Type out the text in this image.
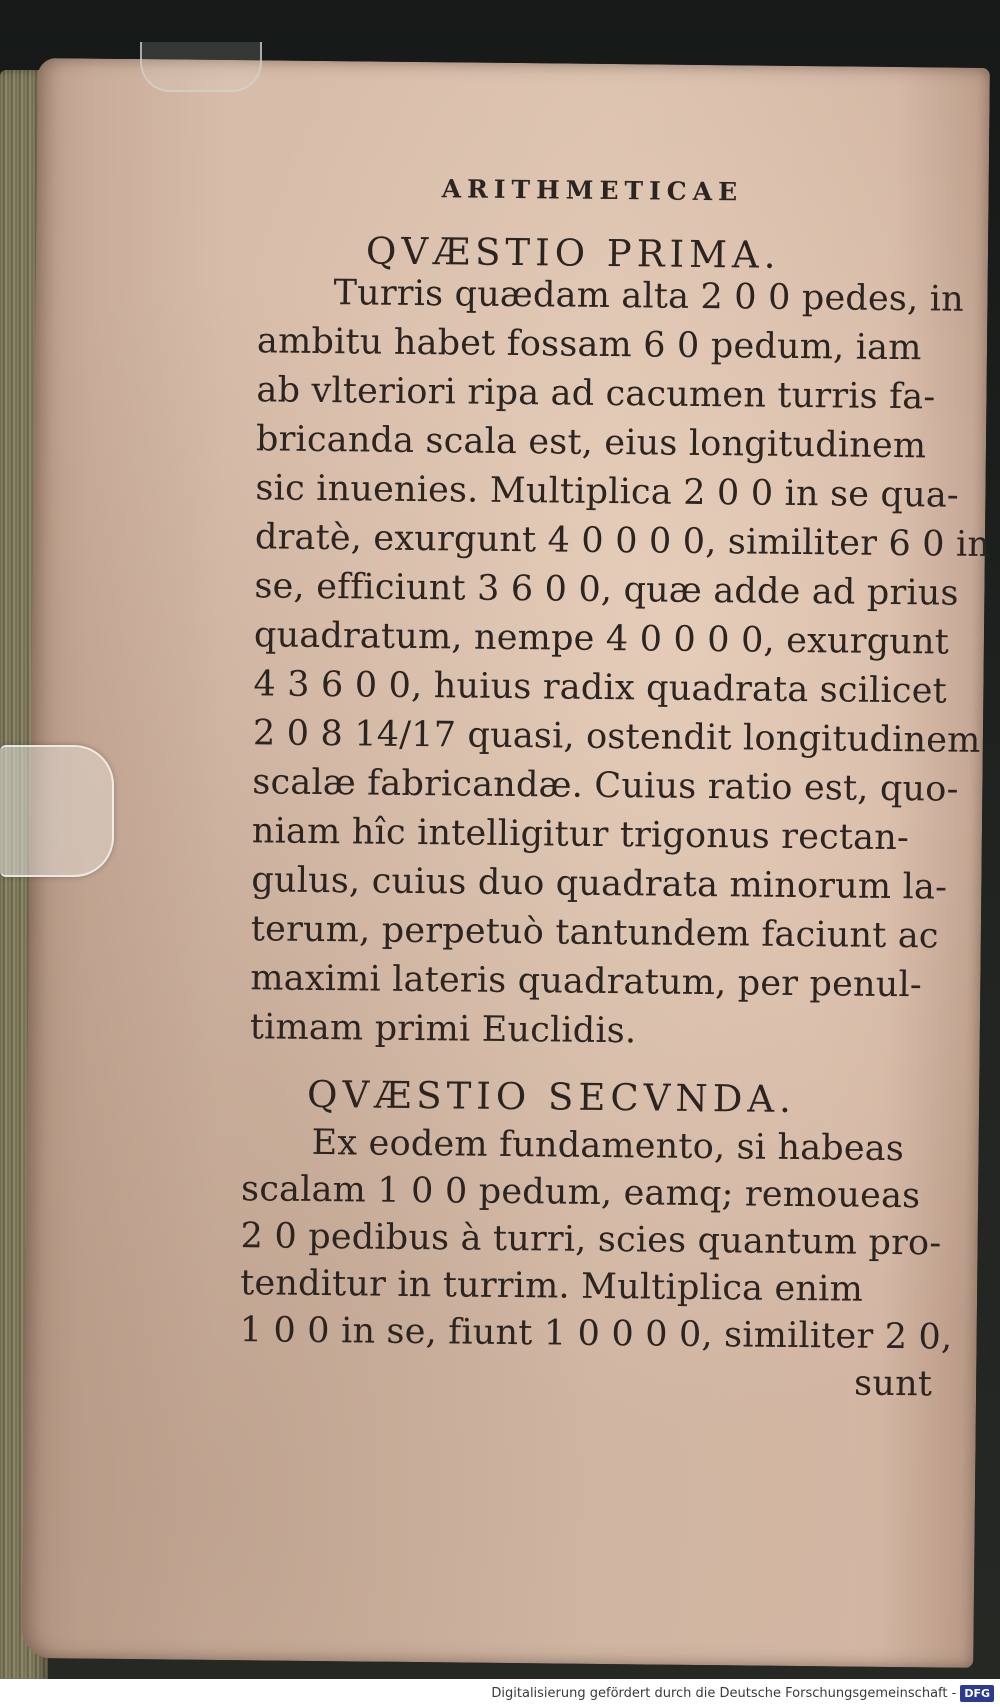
ARITHMETICAE
QVÆSTIO PRIMA.
Turris quædam alta 2 0 0 pedes, in
ambitu habet fossam 6 0 pedum, iam
ab vlteriori ripa ad cacumen turris fa-
bricanda scala est, eius longitudinem
sic inuenies. Multiplica 2 0 0 in se qua-
dratè, exurgunt 4 0 0 0 0, similiter 6 0 in
se, efficiunt 3 6 0 0, quæ adde ad prius
quadratum, nempe 4 0 0 0 0, exurgunt
4 3 6 0 0, huius radix quadrata scilicet
2 0 8 14/17 quasi, ostendit longitudinem
scalæ fabricandæ. Cuius ratio est, quo-
niam hîc intelligitur trigonus rectan-
gulus, cuius duo quadrata minorum la-
terum, perpetuò tantundem faciunt ac
maximi lateris quadratum, per penul-
timam primi Euclidis.
QVÆSTIO SECVNDA.
Ex eodem fundamento, si habeas
scalam 1 0 0 pedum, eamq; remoueas
2 0 pedibus à turri, scies quantum pro-
tenditur in turrim. Multiplica enim
1 0 0 in se, fiunt 1 0 0 0 0, similiter 2 0,
sunt
Digitalisierung gefördert durch die Deutsche Forschungsgemeinschaft - DFG
